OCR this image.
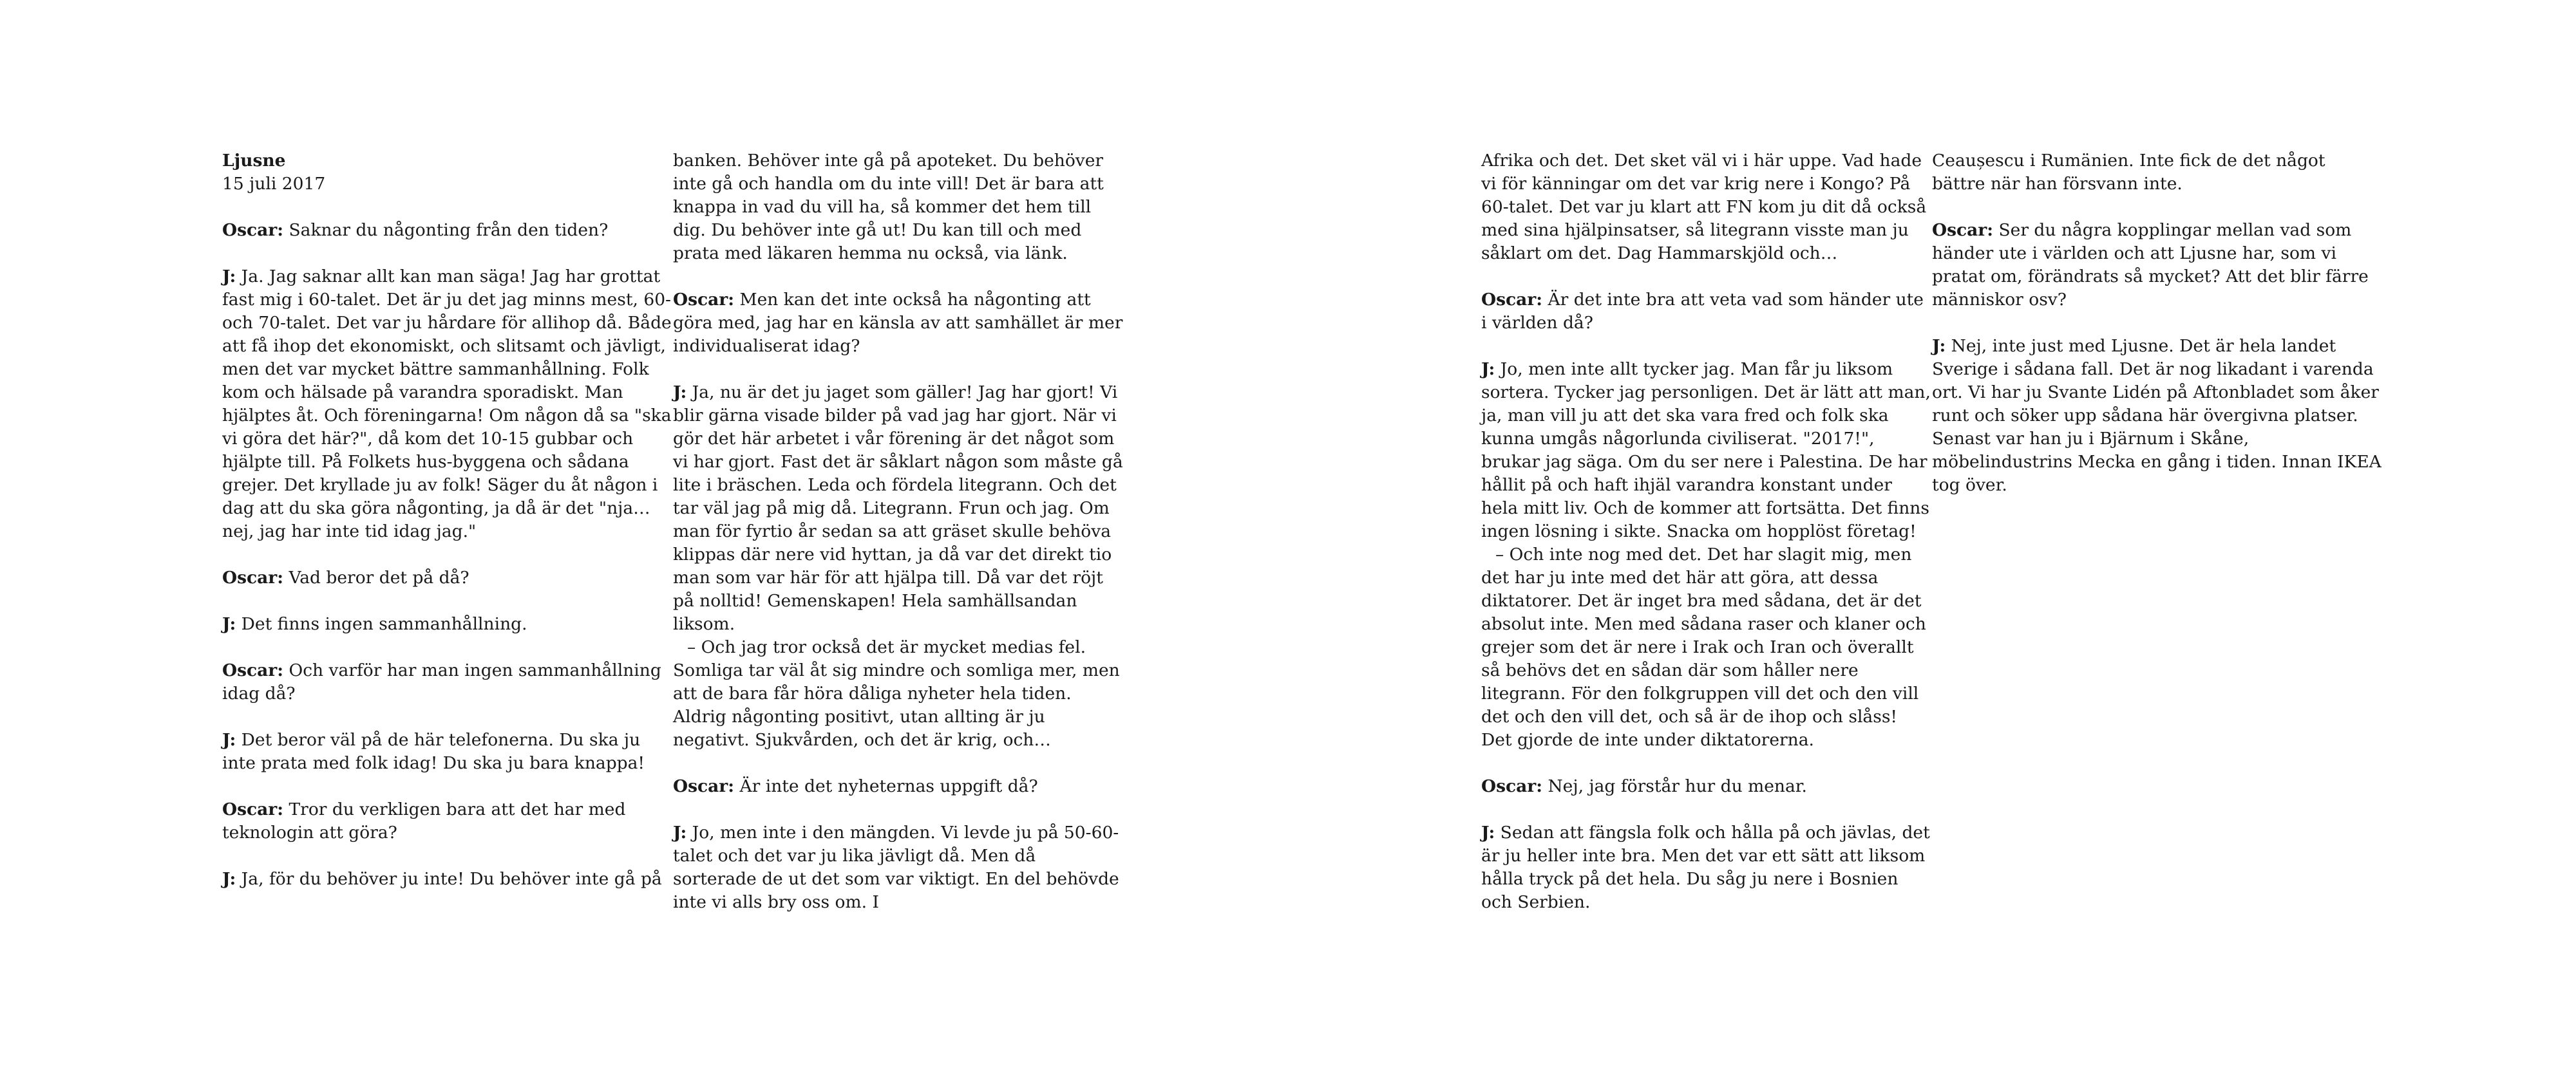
Ljusne
15 juli 2017

Oscar: Saknar du någonting från den tiden?

J: Ja. Jag saknar allt kan man säga! Jag har grottat fast mig i 60-talet. Det är ju det jag minns mest, 60- och 70-talet. Det var ju hårdare för allihop då. Både att få ihop det ekonomiskt, och slitsamt och jävligt, men det var mycket bättre sammanhållning. Folk kom och hälsade på varandra sporadiskt. Man hjälptes åt. Och föreningarna! Om någon då sa "ska vi göra det här?", då kom det 10-15 gubbar och hjälpte till. På Folkets hus-byggena och sådana grejer. Det kryllade ju av folk! Säger du åt någon i dag att du ska göra någonting, ja då är det "nja… nej, jag har inte tid idag jag."

Oscar: Vad beror det på då?

J: Det finns ingen sammanhållning.

Oscar: Och varför har man ingen sammanhållning idag då?

J: Det beror väl på de här telefonerna. Du ska ju inte prata med folk idag! Du ska ju bara knappa!

Oscar: Tror du verkligen bara att det har med teknologin att göra?

J: Ja, för du behöver ju inte! Du behöver inte gå på

banken. Behöver inte gå på apoteket. Du behöver inte gå och handla om du inte vill! Det är bara att knappa in vad du vill ha, så kommer det hem till dig. Du behöver inte gå ut! Du kan till och med prata med läkaren hemma nu också, via länk.

Oscar: Men kan det inte också ha någonting att göra med, jag har en känsla av att samhället är mer individualiserat idag?

J: Ja, nu är det ju jaget som gäller! Jag har gjort! Vi blir gärna visade bilder på vad jag har gjort. När vi gör det här arbetet i vår förening är det något som vi har gjort. Fast det är såklart någon som måste gå lite i bräschen. Leda och fördela litegrann. Och det tar väl jag på mig då. Litegrann. Frun och jag. Om man för fyrtio år sedan sa att gräset skulle behöva klippas där nere vid hyttan, ja då var det direkt tio man som var här för att hjälpa till. Då var det röjt på nolltid! Gemenskapen! Hela samhällsandan liksom.

– Och jag tror också det är mycket medias fel. Somliga tar väl åt sig mindre och somliga mer, men att de bara får höra dåliga nyheter hela tiden. Aldrig någonting positivt, utan allting är ju negativt. Sjukvården, och det är krig, och…

Oscar: Är inte det nyheternas uppgift då?

J: Jo, men inte i den mängden. Vi levde ju på 50-60-talet och det var ju lika jävligt då. Men då sorterade de ut det som var viktigt. En del behövde inte vi alls bry oss om. I

Afrika och det. Det sket väl vi i här uppe. Vad hade vi för känningar om det var krig nere i Kongo? På 60-talet. Det var ju klart att FN kom ju dit då också med sina hjälpinsatser, så litegrann visste man ju såklart om det. Dag Hammarskjöld och…

Oscar: Är det inte bra att veta vad som händer ute i världen då?

J: Jo, men inte allt tycker jag. Man får ju liksom sortera. Tycker jag personligen. Det är lätt att man, ja, man vill ju att det ska vara fred och folk ska kunna umgås någorlunda civiliserat. "2017!", brukar jag säga. Om du ser nere i Palestina. De har hållit på och haft ihjäl varandra konstant under hela mitt liv. Och de kommer att fortsätta. Det finns ingen lösning i sikte. Snacka om hopplöst företag!

– Och inte nog med det. Det har slagit mig, men det har ju inte med det här att göra, att dessa diktatorer. Det är inget bra med sådana, det är det absolut inte. Men med sådana raser och klaner och grejer som det är nere i Irak och Iran och överallt så behövs det en sådan där som håller nere litegrann. För den folkgruppen vill det och den vill det och den vill det, och så är de ihop och slåss! Det gjorde de inte under diktatorerna.

Oscar: Nej, jag förstår hur du menar.

J: Sedan att fängsla folk och hålla på och jävlas, det är ju heller inte bra. Men det var ett sätt att liksom hålla tryck på det hela. Du såg ju nere i Bosnien och Serbien.

Ceaușescu i Rumänien. Inte fick de det något bättre när han försvann inte.

Oscar: Ser du några kopplingar mellan vad som händer ute i världen och att Ljusne har, som vi pratat om, förändrats så mycket? Att det blir färre människor osv?

J: Nej, inte just med Ljusne. Det är hela landet Sverige i sådana fall. Det är nog likadant i varenda ort. Vi har ju Svante Lidén på Aftonbladet som åker runt och söker upp sådana här övergivna platser. Senast var han ju i Bjärnum i Skåne, möbelindustrins Mecka en gång i tiden. Innan IKEA tog över.
